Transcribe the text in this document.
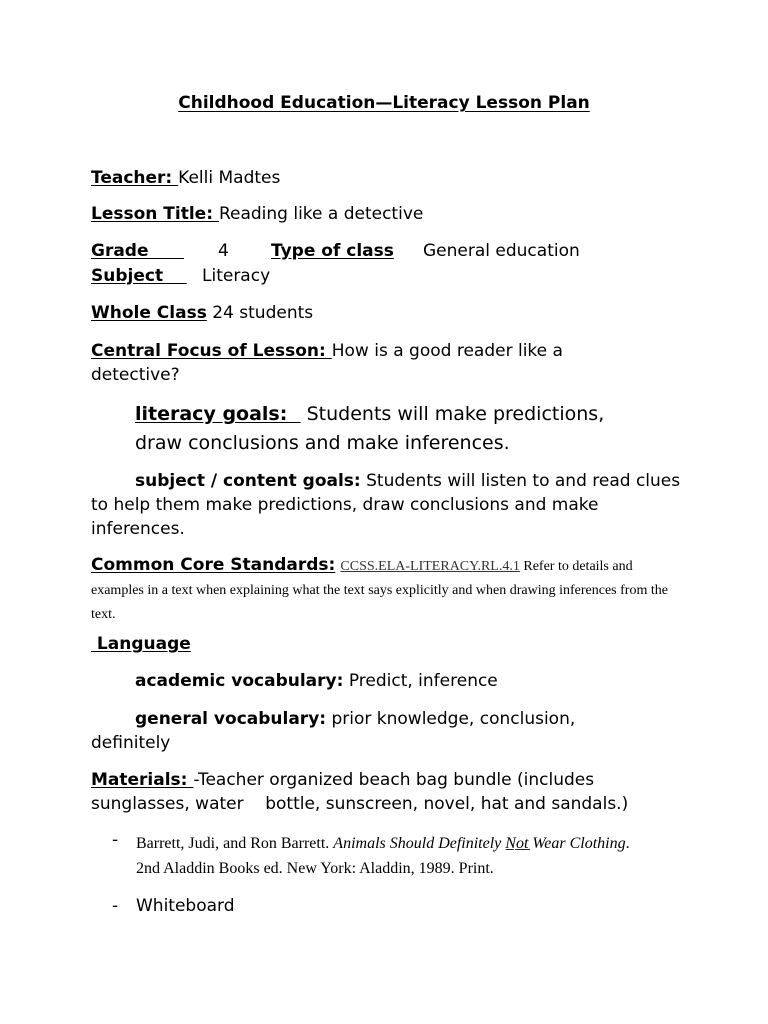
Childhood Education—Literacy Lesson Plan
Teacher: Kelli Madtes
Lesson Title: Reading like a detective
Grade 4 Type of class General education
Subject Literacy
Whole Class 24 students
Central Focus of Lesson: How is a good reader like a detective?
literacy goals:   Students will make predictions, draw conclusions and make inferences.
subject / content goals: Students will listen to and read clues to help them make predictions, draw conclusions and make inferences.
Common Core Standards: CCSS.ELA-LITERACY.RL.4.1 Refer to details and examples in a text when explaining what the text says explicitly and when drawing inferences from the text.
Language
academic vocabulary: Predict, inference
general vocabulary: prior knowledge, conclusion, definitely
Materials: -Teacher organized beach bag bundle (includes sunglasses, water    bottle, sunscreen, novel, hat and sandals.)
- Barrett, Judi, and Ron Barrett. Animals Should Definitely N̲o̲t̲ Wear Clothing. 2nd Aladdin Books ed. New York: Aladdin, 1989. Print.
- Whiteboard
